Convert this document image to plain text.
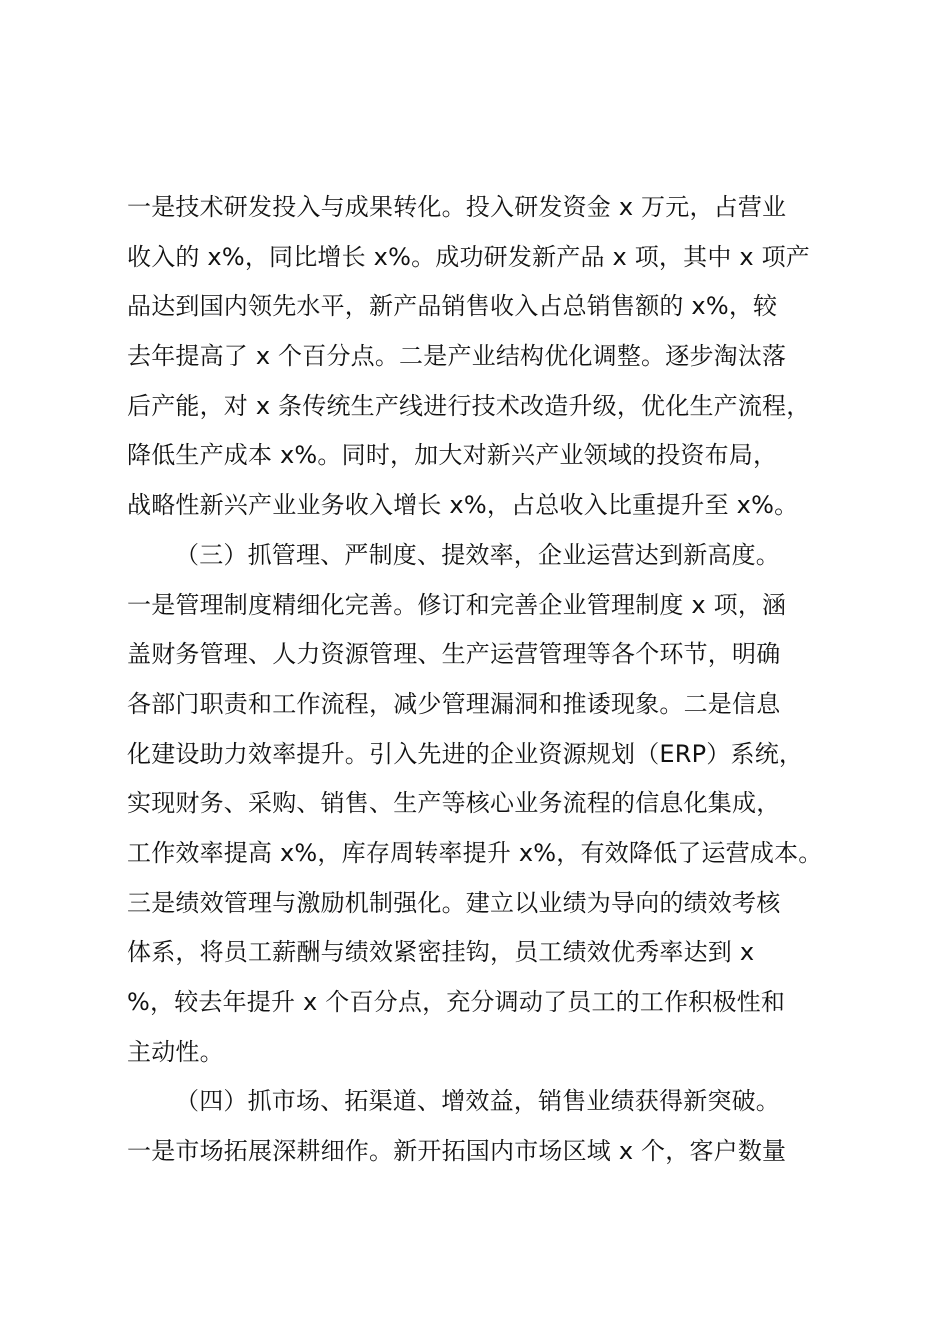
一是技术研发投入与成果转化。投入研发资金 x 万元，占营业
收入的 x%，同比增长 x%。成功研发新产品 x 项，其中 x 项产
品达到国内领先水平，新产品销售收入占总销售额的 x%，较
去年提高了 x 个百分点。二是产业结构优化调整。逐步淘汰落
后产能，对 x 条传统生产线进行技术改造升级，优化生产流程，
降低生产成本 x%。同时，加大对新兴产业领域的投资布局，
战略性新兴产业业务收入增长 x%，占总收入比重提升至 x%。
（三）抓管理、严制度、提效率，企业运营达到新高度。
一是管理制度精细化完善。修订和完善企业管理制度 x 项，涵
盖财务管理、人力资源管理、生产运营管理等各个环节，明确
各部门职责和工作流程，减少管理漏洞和推诿现象。二是信息
化建设助力效率提升。引入先进的企业资源规划（ERP）系统，
实现财务、采购、销售、生产等核心业务流程的信息化集成，
工作效率提高 x%，库存周转率提升 x%，有效降低了运营成本。
三是绩效管理与激励机制强化。建立以业绩为导向的绩效考核
体系，将员工薪酬与绩效紧密挂钩，员工绩效优秀率达到 x
%，较去年提升 x 个百分点，充分调动了员工的工作积极性和
主动性。
（四）抓市场、拓渠道、增效益，销售业绩获得新突破。
一是市场拓展深耕细作。新开拓国内市场区域 x 个，客户数量
